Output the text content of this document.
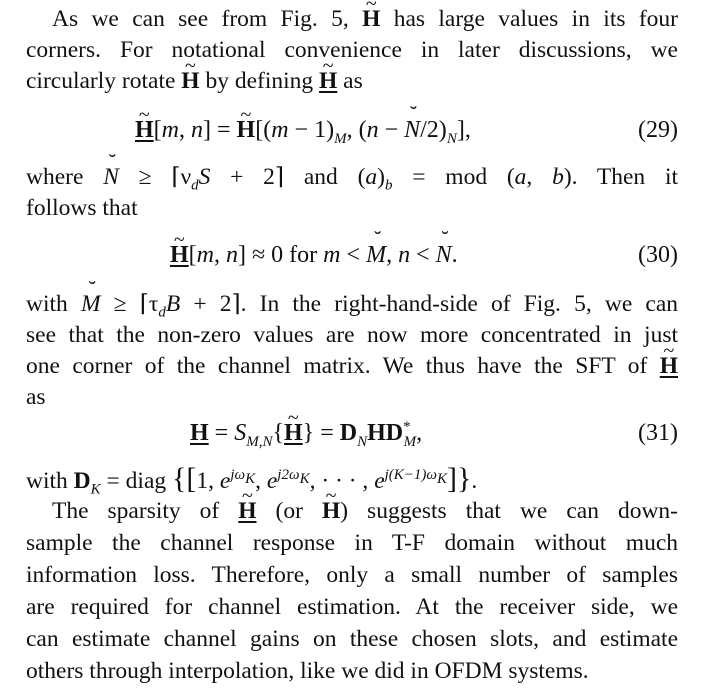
As we can see from Fig. 5, ~ H has large values in its four
corners. For notational convenience in later discussions, we
circularly rotate ~ H by defining ~ H as
~ H[m, n] = ~ $H[(m - 1)_M$, (n − ˘ $N/2)_N$],	(29)
where ˘ $N \ge ⌈\nu_dS$ + 2⌉ and $(a)_b$ = mod (a, b). Then it
follows that
~ H[m, n] ≈ 0 for m < ˘ M, n < ˘ N.	(30)
with ˘ $M \ge ⌈\tau_dB$ + 2⌉. In the right-hand-side of Fig. 5, we can
see that the non-zero values are now more concentrated in just
one corner of the channel matrix. We thus have the SFT of ~ H
as
$H = S_{M,N}\{\sim$ $H\} = D_NHD^*_M$,	(31)
with $D_K$ = diag {[1, $e^{j\omega_K}$, $e^{j2\omega_K}$, · · · , $e^{j(K-1)\omega_K}$]}.
The sparsity of ~ H (or ~ H) suggests that we can down-
sample the channel response in T-F domain without much
information loss. Therefore, only a small number of samples
are required for channel estimation. At the receiver side, we
can estimate channel gains on these chosen slots, and estimate
others through interpolation, like we did in OFDM systems.
